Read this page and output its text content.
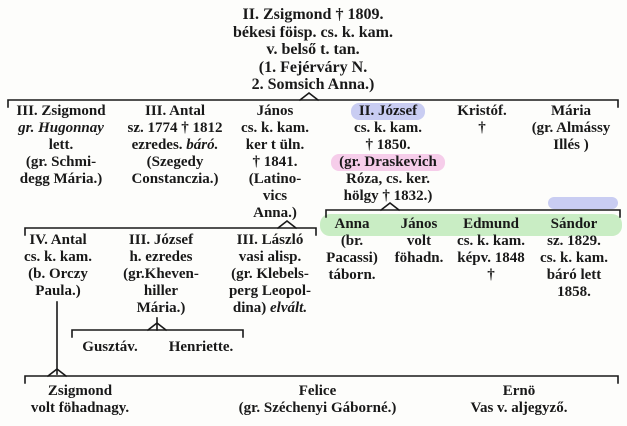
II. Zsigmond † 1809.
békesi föisp. cs. k. kam.
v. belső t. tan.
(1. Fejérváry N.
2. Somsich Anna.)
III. Zsigmond
gr. Hugonnay
lett.
(gr. Schmi-
degg Mária.)
III. Antal
sz. 1774 † 1812
ezredes. báró.
(Szegedy
Constanczia.)
János
cs. k. kam.
ker t üln.
† 1841.
(Latino-
vics
Anna.)
II. József
cs. k. kam.
† 1850.
(gr. Draskevich
Róza, cs. ker.
hölgy † 1832.)
Kristóf.
†
Mária
(gr. Almássy
Illés )
IV. Antal
cs. k. kam.
(b. Orczy
Paula.)
III. József
h. ezredes
(gr.Kheven-
hiller
Mária.)
III. László
vasi alisp.
(gr. Klebels-
perg Leopol-
dina) elvált.
Anna
(br.
Pacassi)
táborn.
János
volt
föhadn.
Edmund
cs. k. kam.
képv. 1848
†
Sándor
sz. 1829.
cs. k. kam.
báró lett
1858.
Gusztáv.	Henriette.
Zsigmond
volt föhadnagy.
Felice
(gr. Széchenyi Gáborné.)
Ernö
Vas v. aljegyző.
